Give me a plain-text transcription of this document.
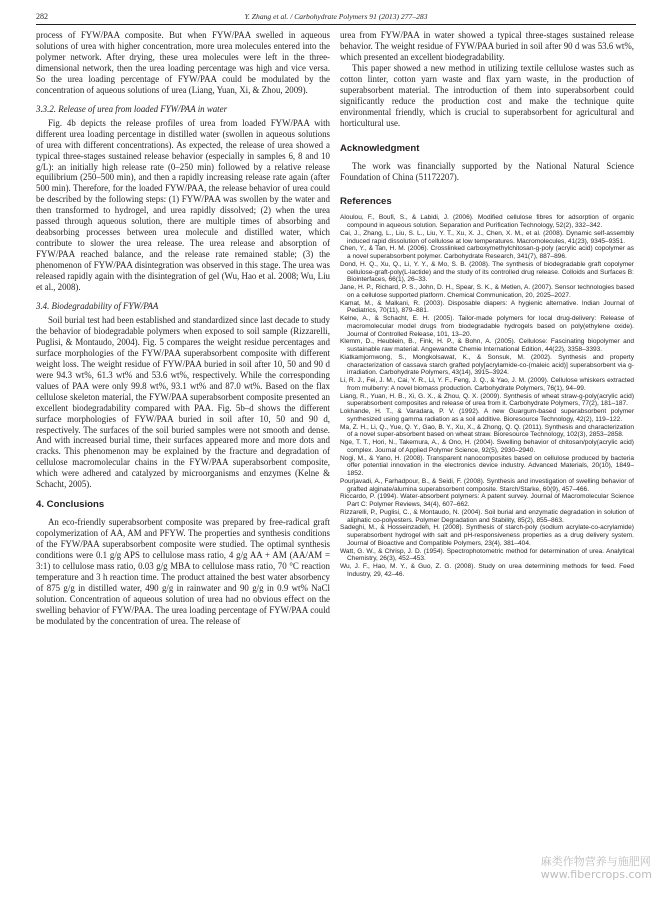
282	Y. Zhang et al. / Carbohydrate Polymers 91 (2013) 277–283

process of FYW/PAA composite. But when FYW/PAA swelled in aqueous solutions of urea with higher concentration, more urea molecules entered into the polymer network. After drying, these urea molecules were left in the three-dimensional network, then the urea loading percentage was high and vice versa. So the urea loading percentage of FYW/PAA could be modulated by the concentration of aqueous solutions of urea (Liang, Yuan, Xi, & Zhou, 2009).

3.3.2. Release of urea from loaded FYW/PAA in water

Fig. 4b depicts the release profiles of urea from loaded FYW/PAA with different urea loading percentage in distilled water (swollen in aqueous solutions of urea with different concentrations). As expected, the release of urea showed a typical three-stages sustained release behavior (especially in samples 6, 8 and 10 g/L): an initially high release rate (0–250 min) followed by a relative release equilibrium (250–500 min), and then a rapidly increasing release rate again (after 500 min). Therefore, for the loaded FYW/PAA, the release behavior of urea could be described by the following steps: (1) FYW/PAA was swollen by the water and then transformed to hydrogel, and urea rapidly dissolved; (2) when the urea passed through aqueous solution, there are multiple times of absorbing and deabsorbing processes between urea molecule and distilled water, which contribute to slower the urea release. The urea release and absorption of FYW/PAA reached balance, and the release rate remained stable; (3) the phenomenon of FYW/PAA disintegration was observed in this stage. The urea was released rapidly again with the disintegration of gel (Wu, Hao et al. 2008; Wu, Liu et al., 2008).

3.4. Biodegradability of FYW/PAA

Soil burial test had been established and standardized since last decade to study the behavior of biodegradable polymers when exposed to soil sample (Rizzarelli, Puglisi, & Montaudo, 2004). Fig. 5 compares the weight residue percentages and surface morphologies of the FYW/PAA superabsorbent composite with different weight loss. The weight residue of FYW/PAA buried in soil after 10, 50 and 90 d were 94.3 wt%, 61.3 wt% and 53.6 wt%, respectively. While the corresponding values of PAA were only 99.8 wt%, 93.1 wt% and 87.0 wt%. Based on the flax cellulose skeleton material, the FYW/PAA superabsorbent composite presented an excellent biodegradability compared with PAA. Fig. 5b–d shows the different surface morphologies of FYW/PAA buried in soil after 10, 50 and 90 d, respectively. The surfaces of the soil buried samples were not smooth and dense. And with increased burial time, their surfaces appeared more and more dots and cracks. This phenomenon may be explained by the fracture and degradation of cellulose macromolecular chains in the FYW/PAA superabsorbent composite, which were adhered and catalyzed by microorganisms and enzymes (Kelne & Schacht, 2005).

4. Conclusions

An eco-friendly superabsorbent composite was prepared by free-radical graft copolymerization of AA, AM and PFYW. The properties and synthesis conditions of the FYW/PAA superabsorbent composite were studied. The optimal synthesis conditions were 0.1 g/g APS to cellulose mass ratio, 4 g/g AA + AM (AA/AM = 3:1) to cellulose mass ratio, 0.03 g/g MBA to cellulose mass ratio, 70 °C reaction temperature and 3 h reaction time. The product attained the best water absorbency of 875 g/g in distilled water, 490 g/g in rainwater and 90 g/g in 0.9 wt% NaCl solution. Concentration of aqueous solution of urea had no obvious effect on the swelling behavior of FYW/PAA. The urea loading percentage of FYW/PAA could be modulated by the concentration of urea. The release of

urea from FYW/PAA in water showed a typical three-stages sustained release behavior. The weight residue of FYW/PAA buried in soil after 90 d was 53.6 wt%, which presented an excellent biodegradability.

This paper showed a new method in utilizing textile cellulose wastes such as cotton linter, cotton yarn waste and flax yarn waste, in the production of superabsorbent material. The introduction of them into superabsorbent could significantly reduce the production cost and make the technique quite environmental friendly, which is crucial to superabsorbent for agricultural and horticultural use.

Acknowledgment

The work was financially supported by the National Natural Science Foundation of China (51172207).

References

Aloulou, F., Boufi, S., & Labidi, J. (2006). Modified cellulose fibres for adsorption of organic compound in aqueous solution. Separation and Purification Technology, 52(2), 332–342.

Cai, J., Zhang, L., Liu, S. L., Liu, Y. T., Xu, X. J., Chen, X. M., et al. (2008). Dynamic self-assembly induced rapid dissolution of cellulose at low temperatures. Macromolecules, 41(23), 9345–9351.

Chen, Y., & Tan, H. M. (2006). Crosslinked carboxymethylchitosan-g-poly (acrylic acid) copolymer as a novel superabsorbent polymer. Carbohydrate Research, 341(7), 887–896.

Dond, H. Q., Xu, Q., Li, Y. Y., & Mo, S. B. (2008). The synthesis of biodegradable graft copolymer cellulose-graft-poly(L-lactide) and the study of its controlled drug release. Colloids and Surfaces B: Biointerfaces, 66(1), 26–33.

Jane, H. P., Richard, P. S., John, D. H., Spear, S. K., & Metlen, A. (2007). Sensor technologies based on a cellulose supported platform. Chemical Communication, 20, 2025–2027.

Kamat, M., & Malkani, R. (2003). Disposable diapers: A hygienic alternative. Indian Journal of Pediatrics, 70(11), 879–881.

Kelne, A., & Schacht, E. H. (2005). Tailor-made polymers for local drug-delivery: Release of macromolecular model drugs from biodegradable hydrogels based on poly(ethylene oxide). Journal of Controlled Release, 101, 13–20.

Klemm, D., Heublein, B., Fink, H. P., & Bohn, A. (2005). Cellulose: Fascinating biopolymer and sustainable raw material. Angewandte Chemie International Edition, 44(22), 3358–3393.

Kiatkamjornwong, S., Mongkolsawat, K., & Sonsuk, M. (2002). Synthesis and property characterization of cassava starch grafted poly[acrylamide-co-(maleic acid)] superabsorbent via g-irradiation. Carbohydrate Polymers, 43(14), 3915–3924.

Li, R. J., Fei, J. M., Cai, Y. R., Li, Y. F., Feng, J. Q., & Yao, J. M. (2009). Cellulose whiskers extracted from mulberry: A novel biomass production. Carbohydrate Polymers, 76(1), 94–99.

Liang, R., Yuan, H. B., Xi, G. X., & Zhou, Q. X. (2009). Synthesis of wheat straw-g-poly(acrylic acid) superabsorbent composites and release of urea from it. Carbohydrate Polymers, 77(2), 181–187.

Lokhande, H. T., & Varadara, P. V. (1992). A new Guargum-based superabsorbent polymer synthesized using gamma radiation as a soil additive. Bioresource Technology, 42(2), 119–122.

Ma, Z. H., Li, Q., Yue, Q. Y., Gao, B. Y., Xu, X., & Zhong, Q. Q. (2011). Synthesis and characterization of a novel super-absorbent based on wheat straw. Bioresource Technology, 102(3), 2853–2858.

Nge, T. T., Hori, N., Takemura, A., & Ono, H. (2004). Swelling behavior of chitosan/poly(acrylic acid) complex. Journal of Applied Polymer Science, 92(5), 2930–2940.

Nogi, M., & Yano, H. (2008). Transparent nanocomposites based on cellulose produced by bacteria offer potential innovation in the electronics device industry. Advanced Materials, 20(10), 1849–1852.

Pourjavadi, A., Farhadpour, B., & Seidi, F. (2008). Synthesis and investigation of swelling behavior of grafted alginate/alumina superabsorbent composite. Starch/Starke, 60(9), 457–466.

Riccardo, P. (1994). Water-absorbent polymers: A patent survey. Journal of Macromolecular Science Part C: Polymer Reviews, 34(4), 607–662.

Rizzarelli, P., Puglisi, C., & Montaudo, N. (2004). Soil burial and enzymatic degradation in solution of aliphatic co-polyesters. Polymer Degradation and Stability, 85(2), 855–863.

Sadeghi, M., & Hosseinzadeh, H. (2008). Synthesis of starch-poly (sodium acrylate-co-acrylamide) superabsorbent hydrogel with salt and pH-responsiveness properties as a drug delivery system. Journal of Bioactive and Compatible Polymers, 23(4), 381–404.

Watt, G. W., & Chrisp, J. D. (1954). Spectrophotometric method for determination of urea. Analytical Chemistry, 26(3), 452–453.

Wu, J. F., Hao, M. Y., & Guo, Z. G. (2008). Study on urea determining methods for feed. Feed Industry, 29, 42–46.

麻类作物营养与施肥网
www.fibercrops.com
